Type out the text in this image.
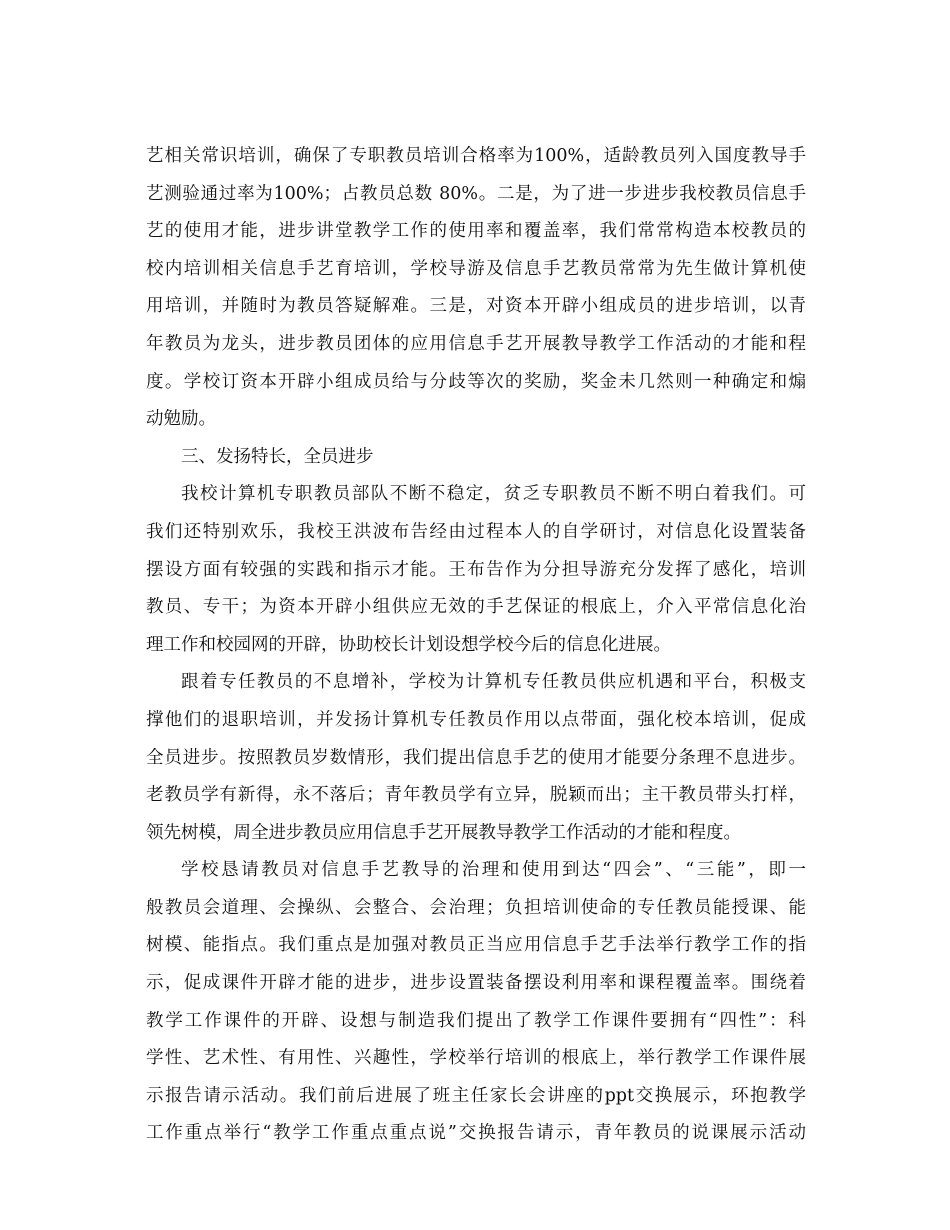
艺相关常识培训，确保了专职教员培训合格率为100%，适龄教员列入国度教导手
艺测验通过率为100%；占教员总数 80%。二是，为了进一步进步我校教员信息手
艺的使用才能，进步讲堂教学工作的使用率和覆盖率，我们常常构造本校教员的
校内培训相关信息手艺育培训，学校导游及信息手艺教员常常为先生做计算机使
用培训，并随时为教员答疑解难。三是，对资本开辟小组成员的进步培训，以青
年教员为龙头，进步教员团体的应用信息手艺开展教导教学工作活动的才能和程
度。学校订资本开辟小组成员给与分歧等次的奖励，奖金未几然则一种确定和煽
动勉励。
三、发扬特长，全员进步
我校计算机专职教员部队不断不稳定，贫乏专职教员不断不明白着我们。可
我们还特别欢乐，我校王洪波布告经由过程本人的自学研讨，对信息化设置装备
摆设方面有较强的实践和指示才能。王布告作为分担导游充分发挥了感化，培训
教员、专干；为资本开辟小组供应无效的手艺保证的根底上，介入平常信息化治
理工作和校园网的开辟，协助校长计划设想学校今后的信息化进展。
跟着专任教员的不息增补，学校为计算机专任教员供应机遇和平台，积极支
撑他们的退职培训，并发扬计算机专任教员作用以点带面，强化校本培训，促成
全员进步。按照教员岁数情形，我们提出信息手艺的使用才能要分条理不息进步。
老教员学有新得，永不落后；青年教员学有立异，脱颖而出；主干教员带头打样，
领先树模，周全进步教员应用信息手艺开展教导教学工作活动的才能和程度。
学校恳请教员对信息手艺教导的治理和使用到达“四会”、“三能”，即一
般教员会道理、会操纵、会整合、会治理；负担培训使命的专任教员能授课、能
树模、能指点。我们重点是加强对教员正当应用信息手艺手法举行教学工作的指
示，促成课件开辟才能的进步，进步设置装备摆设利用率和课程覆盖率。围绕着
教学工作课件的开辟、设想与制造我们提出了教学工作课件要拥有“四性”：科
学性、艺术性、有用性、兴趣性，学校举行培训的根底上，举行教学工作课件展
示报告请示活动。我们前后进展了班主任家长会讲座的ppt交换展示，环抱教学
工作重点举行“教学工作重点重点说”交换报告请示，青年教员的说课展示活动
